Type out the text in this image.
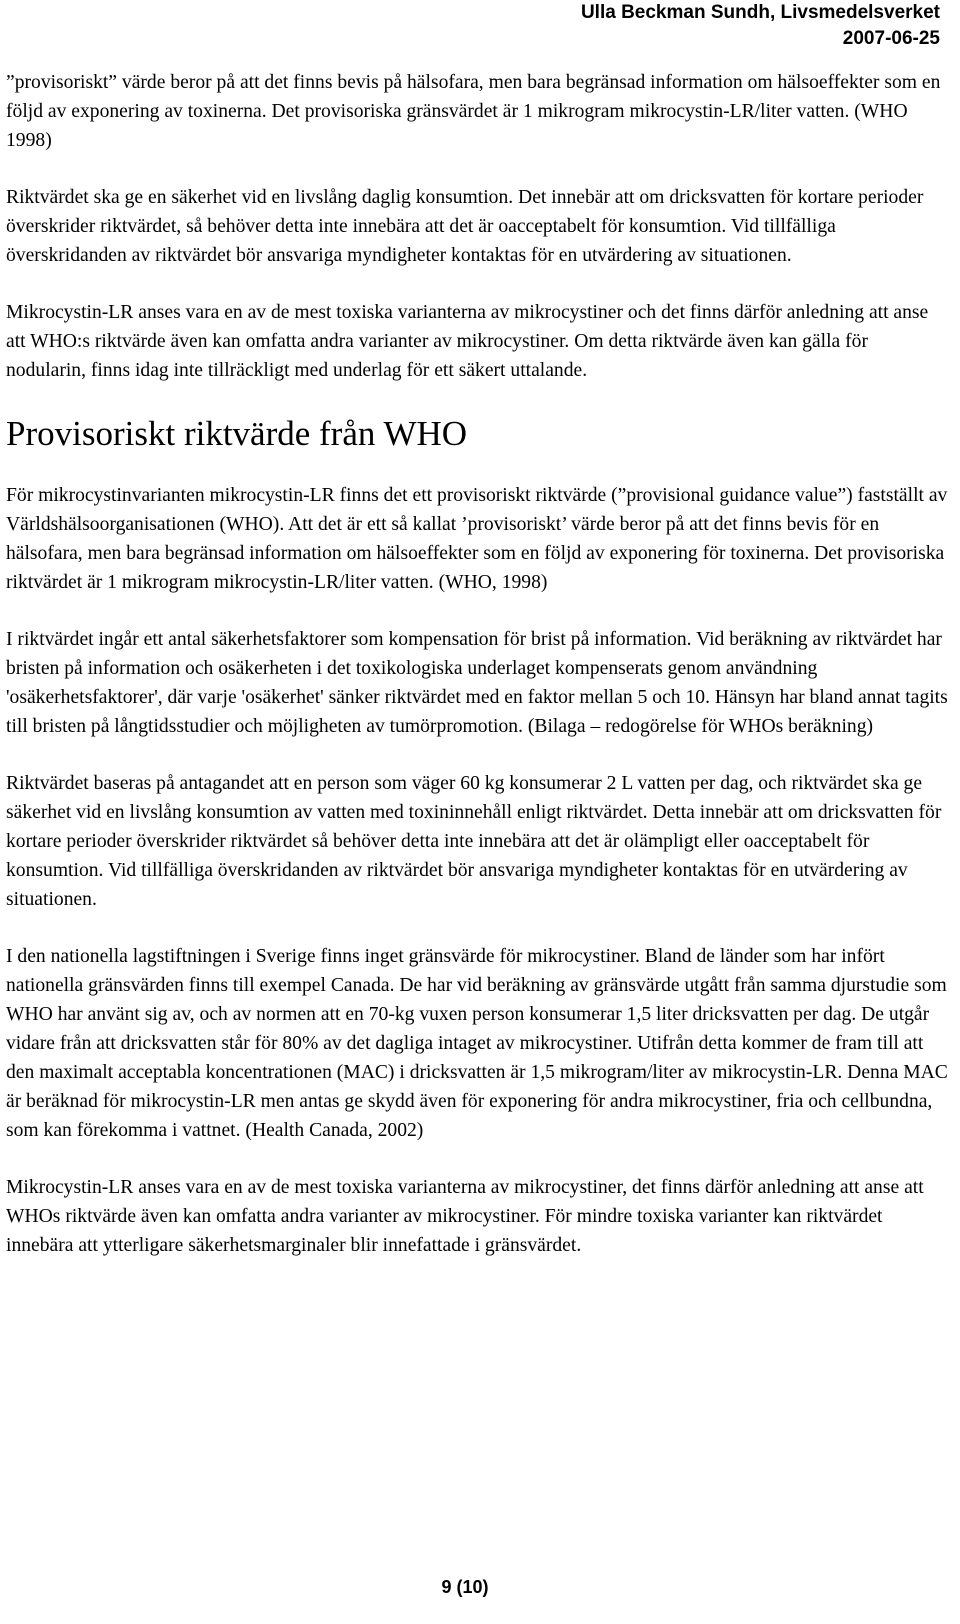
Ulla Beckman Sundh, Livsmedelsverket
2007-06-25

”provisoriskt” värde beror på att det finns bevis på hälsofara, men bara begränsad information om hälsoeffekter som en följd av exponering av toxinerna. Det provisoriska gränsvärdet är 1 mikrogram mikrocystin-LR/liter vatten. (WHO 1998)

Riktvärdet ska ge en säkerhet vid en livslång daglig konsumtion. Det innebär att om dricksvatten för kortare perioder överskrider riktvärdet, så behöver detta inte innebära att det är oacceptabelt för konsumtion. Vid tillfälliga överskridanden av riktvärdet bör ansvariga myndigheter kontaktas för en utvärdering av situationen.

Mikrocystin-LR anses vara en av de mest toxiska varianterna av mikrocystiner och det finns därför anledning att anse att WHO:s riktvärde även kan omfatta andra varianter av mikrocystiner. Om detta riktvärde även kan gälla för nodularin, finns idag inte tillräckligt med underlag för ett säkert uttalande.

Provisoriskt riktvärde från WHO

För mikrocystinvarianten mikrocystin-LR finns det ett provisoriskt riktvärde (”provisional guidance value”) fastställt av Världshälsoorganisationen (WHO). Att det är ett så kallat ’provisoriskt’ värde beror på att det finns bevis för en hälsofara, men bara begränsad information om hälsoeffekter som en följd av exponering för toxinerna. Det provisoriska riktvärdet är 1 mikrogram mikrocystin-LR/liter vatten. (WHO, 1998)

I riktvärdet ingår ett antal säkerhetsfaktorer som kompensation för brist på information. Vid beräkning av riktvärdet har bristen på information och osäkerheten i det toxikologiska underlaget kompenserats genom användning 'osäkerhetsfaktorer', där varje 'osäkerhet' sänker riktvärdet med en faktor mellan 5 och 10. Hänsyn har bland annat tagits till bristen på långtidsstudier och möjligheten av tumörpromotion. (Bilaga – redogörelse för WHOs beräkning)

Riktvärdet baseras på antagandet att en person som väger 60 kg konsumerar 2 L vatten per dag, och riktvärdet ska ge säkerhet vid en livslång konsumtion av vatten med toxininnehåll enligt riktvärdet. Detta innebär att om dricksvatten för kortare perioder överskrider riktvärdet så behöver detta inte innebära att det är olämpligt eller oacceptabelt för konsumtion. Vid tillfälliga överskridanden av riktvärdet bör ansvariga myndigheter kontaktas för en utvärdering av situationen.

I den nationella lagstiftningen i Sverige finns inget gränsvärde för mikrocystiner. Bland de länder som har infört nationella gränsvärden finns till exempel Canada. De har vid beräkning av gränsvärde utgått från samma djurstudie som WHO har använt sig av, och av normen att en 70-kg vuxen person konsumerar 1,5 liter dricksvatten per dag. De utgår vidare från att dricksvatten står för 80% av det dagliga intaget av mikrocystiner. Utifrån detta kommer de fram till att den maximalt acceptabla koncentrationen (MAC) i dricksvatten är 1,5 mikrogram/liter av mikrocystin-LR. Denna MAC är beräknad för mikrocystin-LR men antas ge skydd även för exponering för andra mikrocystiner, fria och cellbundna, som kan förekomma i vattnet. (Health Canada, 2002)

Mikrocystin-LR anses vara en av de mest toxiska varianterna av mikrocystiner, det finns därför anledning att anse att WHOs riktvärde även kan omfatta andra varianter av mikrocystiner. För mindre toxiska varianter kan riktvärdet innebära att ytterligare säkerhetsmarginaler blir innefattade i gränsvärdet.

9 (10)
